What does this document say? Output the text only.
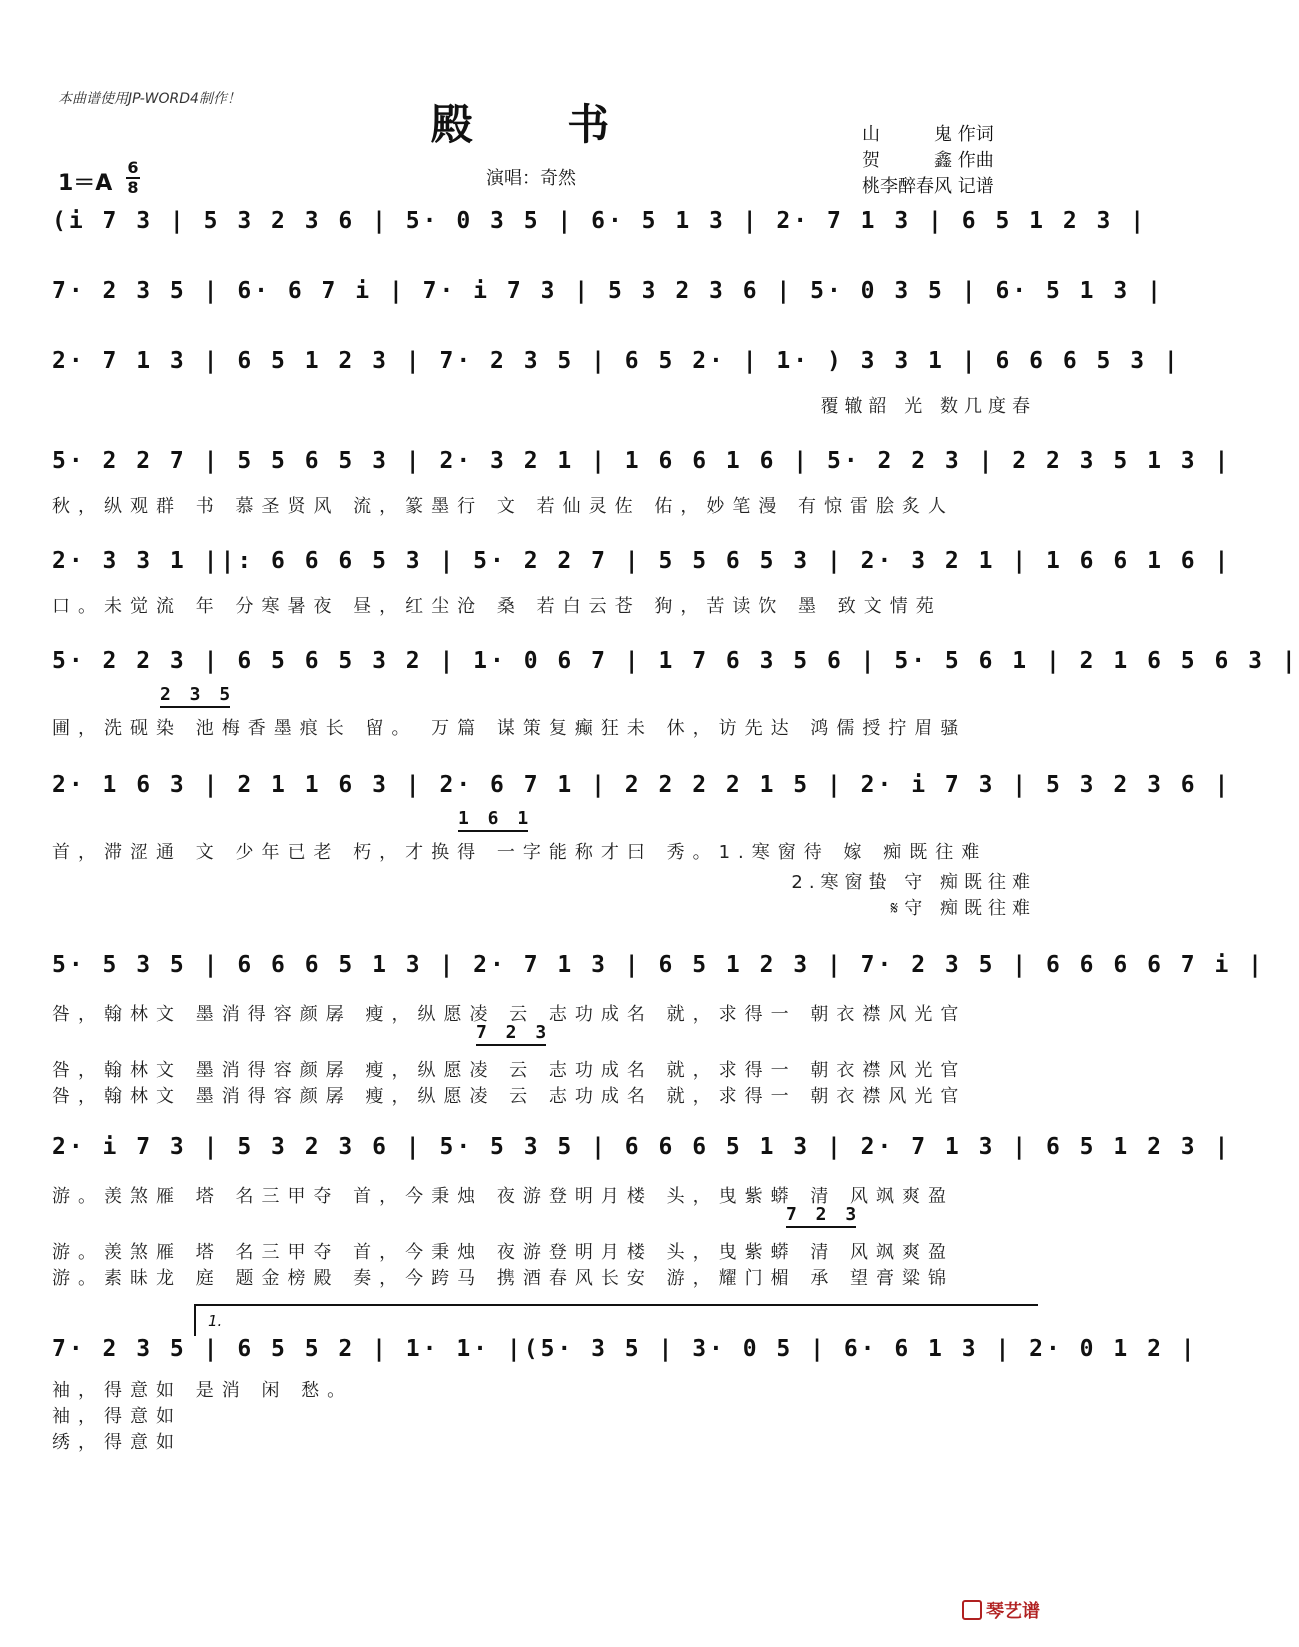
本曲谱使用JP-WORD4制作！
殿 书
1＝A
6
8	演唱：奇然
山　　　鬼 作词
贺　　　鑫 作曲
桃李醉春风 记谱
(i 7 3 | 5 3 2 3 6 | 5· 0 3 5 | 6· 5 1 3 | 2· 7 1 3 | 6 5 1 2 3 |
7· 2 3 5 | 6· 6 7 i | 7· i 7 3 | 5 3 2 3 6 | 5· 0 3 5 | 6· 5 1 3 |
2· 7 1 3 | 6 5 1 2 3 | 7· 2 3 5 | 6 5 2· | 1· ) 3 3 1 | 6 6 6 5 3 |
覆辙韶 光 数几度春
5· 2 2 7 | 5 5 6 5 3 | 2· 3 2 1 | 1 6 6 1 6 | 5· 2 2 3 | 2 2 3 5 1 3 |
秋，纵观群 书 慕圣贤风 流，篆墨行 文 若仙灵佐 佑，妙笔漫 有惊雷脍炙人
2· 3 3 1 ||: 6 6 6 5 3 | 5· 2 2 7 | 5 5 6 5 3 | 2· 3 2 1 | 1 6 6 1 6 |
口。未觉流 年 分寒暑夜 昼，红尘沧 桑 若白云苍 狗，苦读饮 墨 致文情苑
5· 2 2 3 | 6 5 6 5 3 2 | 1· 0 6 7 | 1 7 6 3 5 6 | 5· 5 6 1 | 2 1 6 5 6 3 |
2 3 5
圃，洗砚染 池梅香墨痕长 留。 万篇 谋策复癫狂未 休，访先达 鸿儒授拧眉骚
2· 1 6 3 | 2 1 1 6 3 | 2· 6 7 1 | 2 2 2 2 1 5 | 2· i 7 3 | 5 3 2 3 6 |
1 6 1
首，滞涩通 文 少年已老 朽，才换得 一字能称才曰 秀。1.寒窗待 嫁 痴既往难
2.寒窗蛰 守 痴既往难
𝄋守 痴既往难
5· 5 3 5 | 6 6 6 5 1 3 | 2· 7 1 3 | 6 5 1 2 3 | 7· 2 3 5 | 6 6 6 6 7 i |
7 2 3
咎，翰林文 墨消得容颜孱 瘦，纵愿凌 云 志功成名 就，求得一 朝衣襟风光官
咎，翰林文 墨消得容颜孱 瘦，纵愿凌 云 志功成名 就，求得一 朝衣襟风光官
咎，翰林文 墨消得容颜孱 瘦，纵愿凌 云 志功成名 就，求得一 朝衣襟风光官
2· i 7 3 | 5 3 2 3 6 | 5· 5 3 5 | 6 6 6 5 1 3 | 2· 7 1 3 | 6 5 1 2 3 |
7 2 3
游。羡煞雁 塔 名三甲夺 首，今秉烛 夜游登明月楼 头，曳紫蟒 清 风飒爽盈
游。羡煞雁 塔 名三甲夺 首，今秉烛 夜游登明月楼 头，曳紫蟒 清 风飒爽盈
游。素昧龙 庭 题金榜殿 奏，今跨马 携酒春风长安 游，耀门楣 承 望膏粱锦
7· 2 3 5 | 6 5 5 2 | 1· 1· |(5· 3 5 | 3· 0 5 | 6· 6 1 3 | 2· 0 1 2 |
袖，得意如 是消 闲 愁。
袖，得意如
绣，得意如
1.
琴艺谱
